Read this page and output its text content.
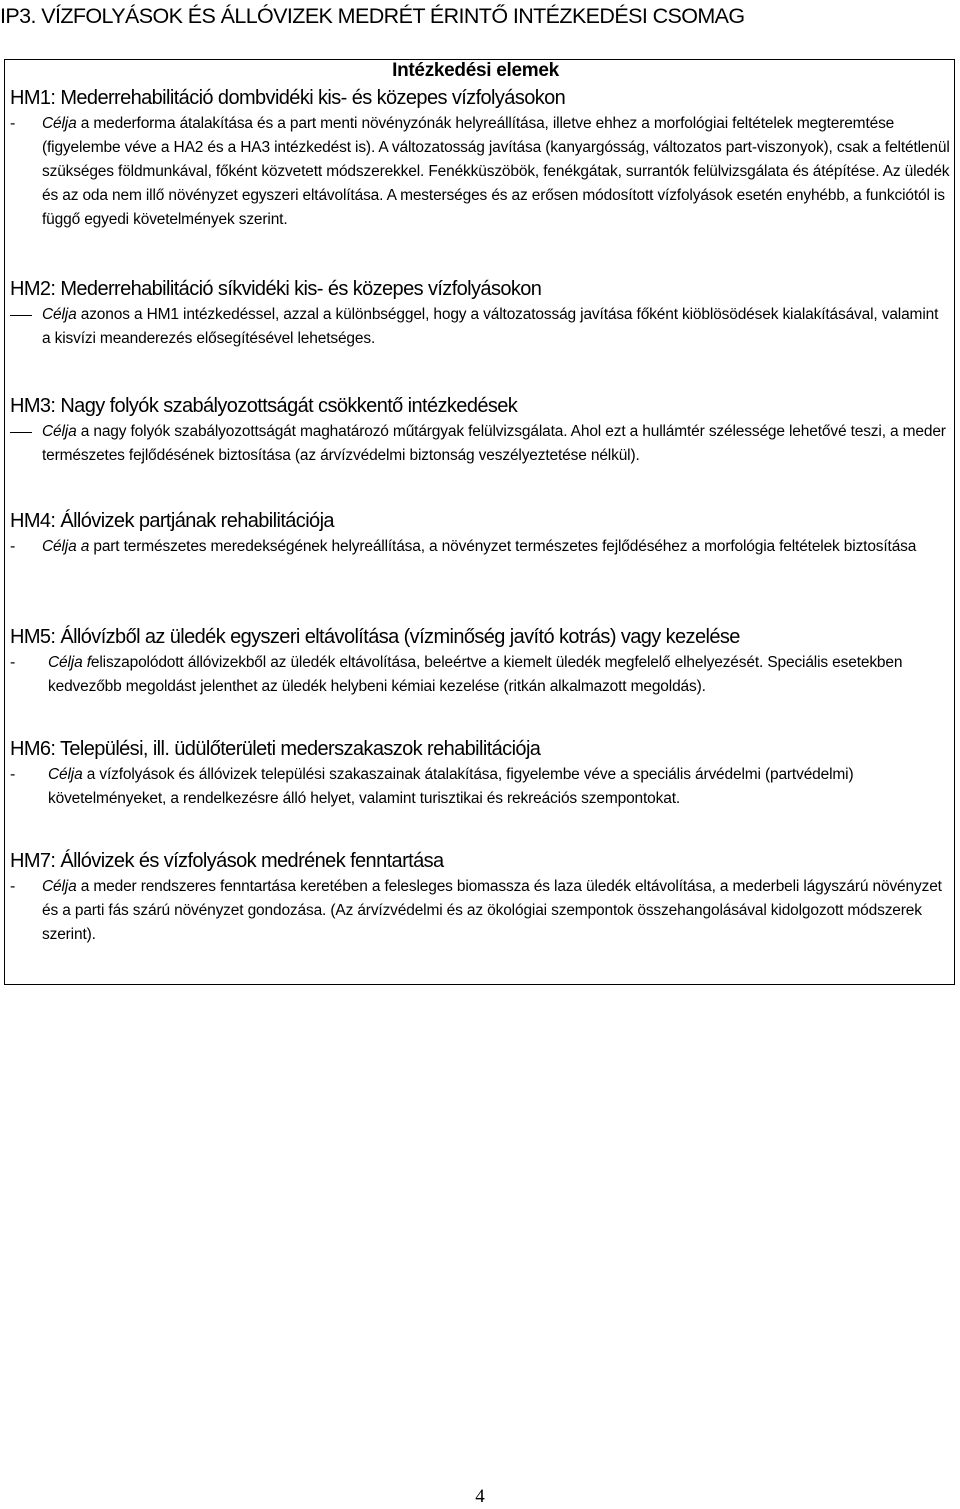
IP3. VÍZFOLYÁSOK ÉS ÁLLÓVIZEK MEDRÉT ÉRINTŐ INTÉZKEDÉSI CSOMAG
Intézkedési elemek
HM1: Mederrehabilitáció dombvidéki kis- és közepes vízfolyásokon
- Célja a mederforma átalakítása és a part menti növényzónák helyreállítása, illetve ehhez a morfológiai feltételek megteremtése (figyelembe véve a HA2 és a HA3 intézkedést is). A változatosság javítása (kanyargósság, változatos part-viszonyok), csak a feltétlenül szükséges földmunkával, főként közvetett módszerekkel. Fenékküszöbök, fenékgátak, surrantók felülvizsgálata és átépítése. Az üledék és az oda nem illő növényzet egyszeri eltávolítása. A mesterséges és az erősen módosított vízfolyások esetén enyhébb, a funkciótól is függő egyedi követelmények szerint.
HM2: Mederrehabilitáció síkvidéki kis- és közepes vízfolyásokon
Célja azonos a HM1 intézkedéssel, azzal a különbséggel, hogy a változatosság javítása főként kiöblösödések kialakításával, valamint a kisvízi meanderezés elősegítésével lehetséges.
HM3: Nagy folyók szabályozottságát csökkentő intézkedések
Célja a nagy folyók szabályozottságát maghatározó műtárgyak felülvizsgálata. Ahol ezt a hullámtér szélessége lehetővé teszi, a meder természetes fejlődésének biztosítása (az árvízvédelmi biztonság veszélyeztetése nélkül).
HM4: Állóvizek partjának rehabilitációja
- Célja a part természetes meredekségének helyreállítása, a növényzet természetes fejlődéséhez a morfológia feltételek biztosítása
HM5: Állóvízből az üledék egyszeri eltávolítása (vízminőség javító kotrás) vagy kezelése
- Célja feliszapolódott állóvizekből az üledék eltávolítása, beleértve a kiemelt üledék megfelelő elhelyezését. Speciális esetekben kedvezőbb megoldást jelenthet az üledék helybeni kémiai kezelése (ritkán alkalmazott megoldás).
HM6: Települési, ill. üdülőterületi mederszakaszok rehabilitációja
- Célja a vízfolyások és állóvizek települési szakaszainak átalakítása, figyelembe véve a speciális árvédelmi (partvédelmi) követelményeket, a rendelkezésre álló helyet, valamint turisztikai és rekreációs szempontokat.
HM7: Állóvizek és vízfolyások medrének fenntartása
- Célja a meder rendszeres fenntartása keretében a felesleges biomassza és laza üledék eltávolítása, a mederbeli lágyszárú növényzet és a parti fás szárú növényzet gondozása. (Az árvízvédelmi és az ökológiai szempontok összehangolásával kidolgozott módszerek szerint).
4
